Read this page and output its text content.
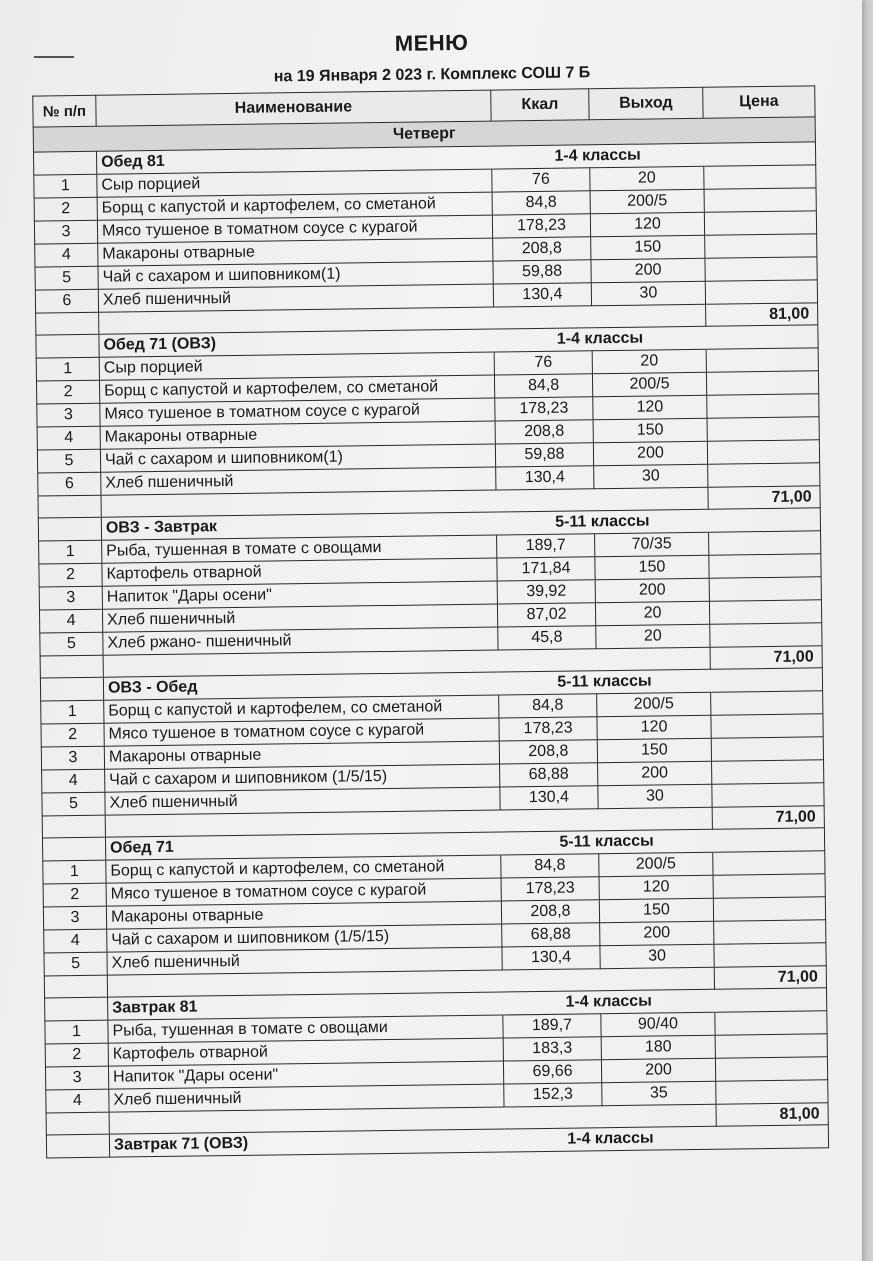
МЕНЮ
на 19 Января 2 023 г. Комплекс СОШ 7 Б
№ п/п	Наименование	Ккал	Выход	Цена
Четверг				
	Обед 81	1-4 классы		
1	Сыр порцией	76	20	
2	Борщ с капустой и картофелем, со сметаной	84,8	200/5	
3	Мясо тушеное в томатном соусе с курагой	178,23	120	
4	Макароны отварные	208,8	150	
5	Чай с сахаром и шиповником(1)	59,88	200	
6	Хлеб пшеничный	130,4	30	
				81,00
	Обед 71 (ОВЗ)	1-4 классы		
1	Сыр порцией	76	20	
2	Борщ с капустой и картофелем, со сметаной	84,8	200/5	
3	Мясо тушеное в томатном соусе с курагой	178,23	120	
4	Макароны отварные	208,8	150	
5	Чай с сахаром и шиповником(1)	59,88	200	
6	Хлеб пшеничный	130,4	30	
				71,00
	ОВЗ - Завтрак	5-11 классы		
1	Рыба, тушенная в томате с овощами	189,7	70/35	
2	Картофель отварной	171,84	150	
3	Напиток "Дары осени"	39,92	200	
4	Хлеб пшеничный	87,02	20	
5	Хлеб ржано- пшеничный	45,8	20	
				71,00
	ОВЗ - Обед	5-11 классы		
1	Борщ с капустой и картофелем, со сметаной	84,8	200/5	
2	Мясо тушеное в томатном соусе с курагой	178,23	120	
3	Макароны отварные	208,8	150	
4	Чай с сахаром и шиповником (1/5/15)	68,88	200	
5	Хлеб пшеничный	130,4	30	
				71,00
	Обед 71	5-11 классы		
1	Борщ с капустой и картофелем, со сметаной	84,8	200/5	
2	Мясо тушеное в томатном соусе с курагой	178,23	120	
3	Макароны отварные	208,8	150	
4	Чай с сахаром и шиповником (1/5/15)	68,88	200	
5	Хлеб пшеничный	130,4	30	
				71,00
	Завтрак 81	1-4 классы		
1	Рыба, тушенная в томате с овощами	189,7	90/40	
2	Картофель отварной	183,3	180	
3	Напиток "Дары осени"	69,66	200	
4	Хлеб пшеничный	152,3	35	
				81,00
	Завтрак 71 (ОВЗ)	1-4 классы		
